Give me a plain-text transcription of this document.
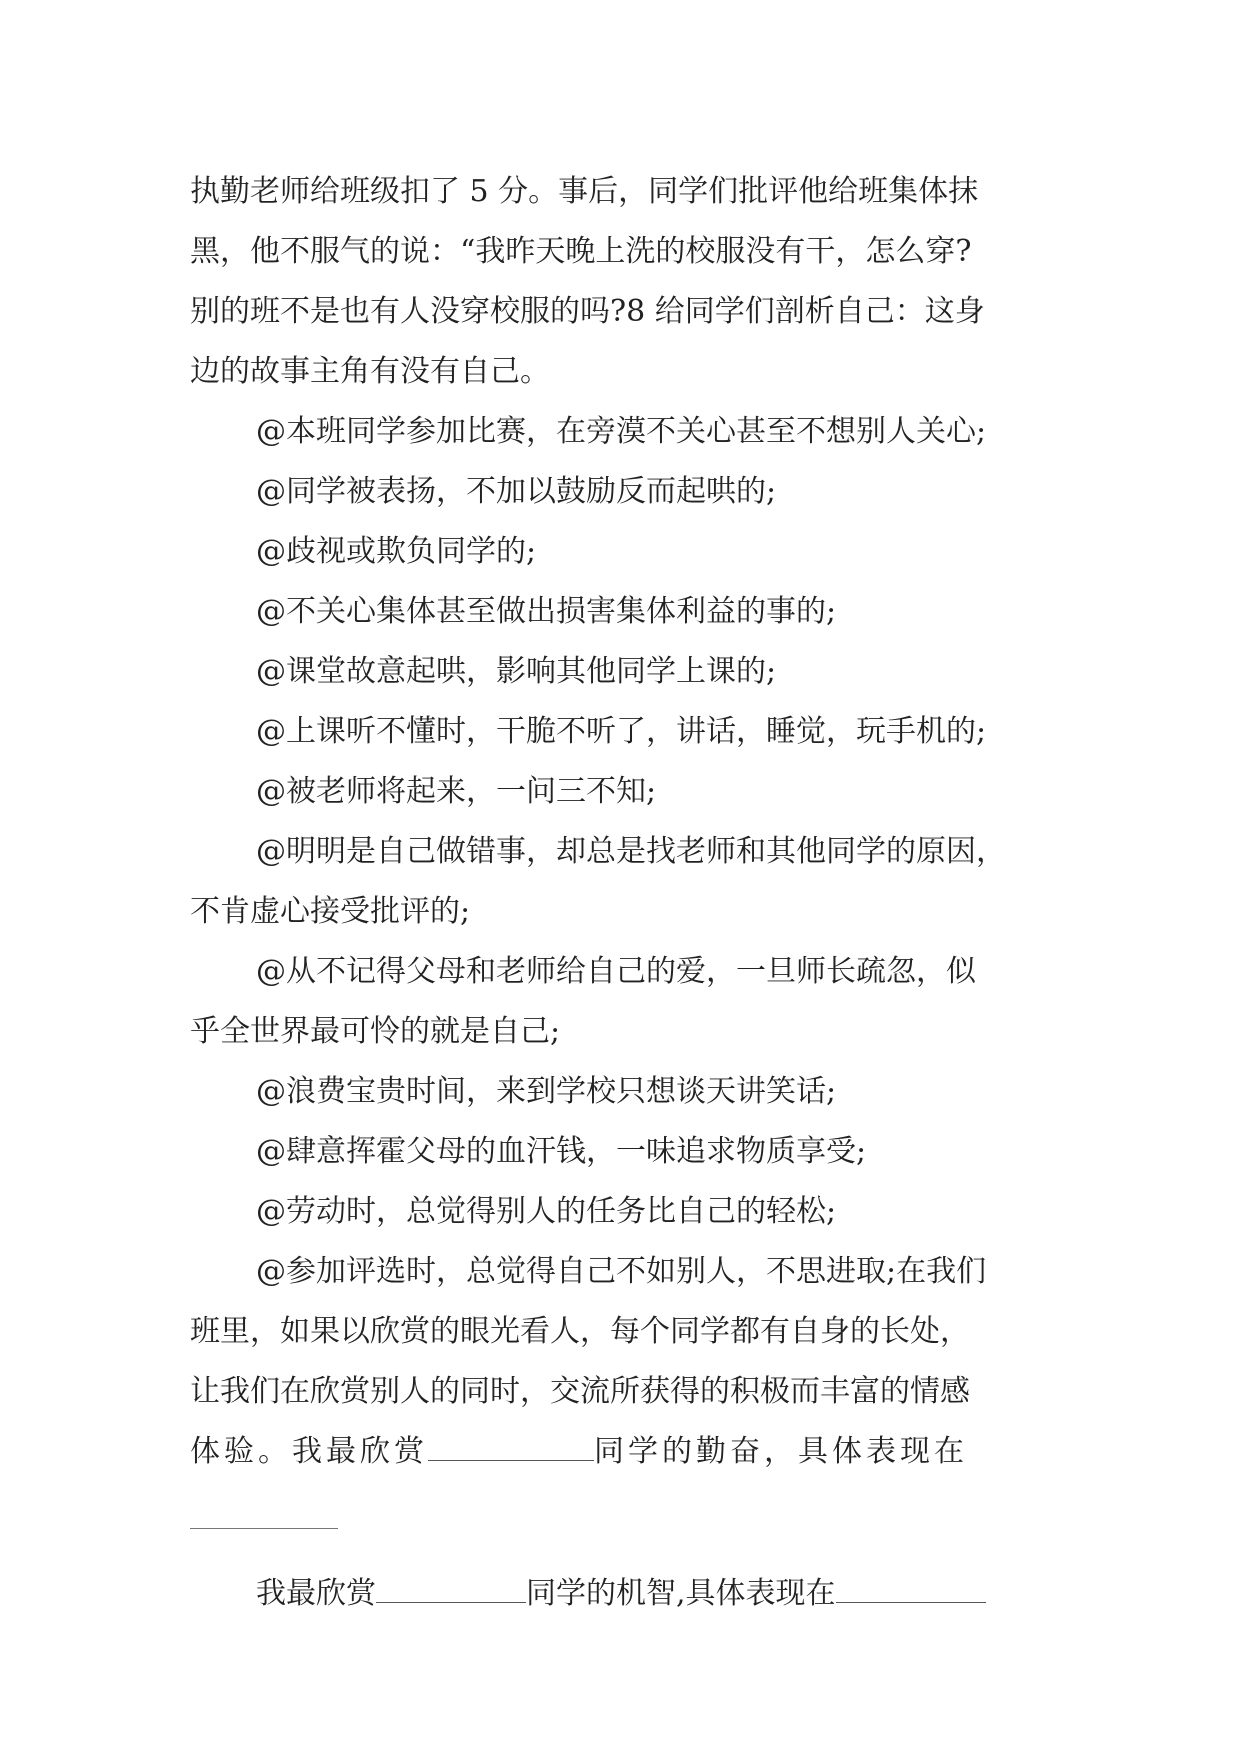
执勤老师给班级扣了 5 分。事后，同学们批评他给班集体抹
黑，他不服气的说：“我昨天晚上洗的校服没有干，怎么穿?
别的班不是也有人没穿校服的吗?8 给同学们剖析自己：这身
边的故事主角有没有自己。
@本班同学参加比赛，在旁漠不关心甚至不想别人关心;
@同学被表扬，不加以鼓励反而起哄的;
@歧视或欺负同学的;
@不关心集体甚至做出损害集体利益的事的;
@课堂故意起哄，影响其他同学上课的;
@上课听不懂时，干脆不听了，讲话，睡觉，玩手机的;
@被老师将起来，一问三不知;
@明明是自己做错事，却总是找老师和其他同学的原因，
不肯虚心接受批评的;
@从不记得父母和老师给自己的爱，一旦师长疏忽，似
乎全世界最可怜的就是自己;
@浪费宝贵时间，来到学校只想谈天讲笑话;
@肆意挥霍父母的血汗钱，一味追求物质享受;
@劳动时，总觉得别人的任务比自己的轻松;
@参加评选时，总觉得自己不如别人，不思进取;在我们
班里，如果以欣赏的眼光看人，每个同学都有自身的长处，
让我们在欣赏别人的同时，交流所获得的积极而丰富的情感
体验。我最欣赏	同学的勤奋，具体表现在
我最欣赏	同学的机智,具体表现在
